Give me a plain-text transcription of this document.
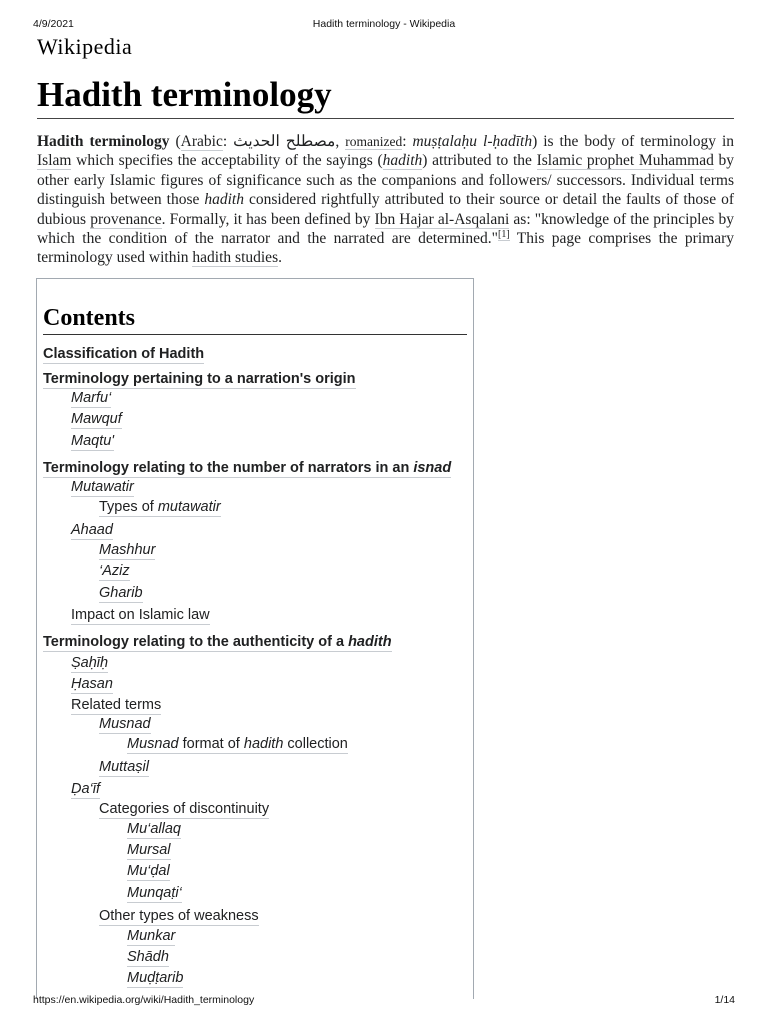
4/9/2021	Hadith terminology - Wikipedia
Wikipedia
Hadith terminology

Hadith terminology (Arabic: مصطلح الحديث, romanized: muṣṭalaḥu l-ḥadīth) is the body of terminology in Islam which specifies the acceptability of the sayings (hadith) attributed to the Islamic prophet Muhammad by other early Islamic figures of significance such as the companions and followers/ successors. Individual terms distinguish between those hadith considered rightfully attributed to their source or detail the faults of those of dubious provenance. Formally, it has been defined by Ibn Hajar al-Asqalani as: "knowledge of the principles by which the condition of the narrator and the narrated are determined."[1] This page comprises the primary terminology used within hadith studies.

Contents
Classification of Hadith
Terminology pertaining to a narration's origin
Marfu‘
Mawquf
Maqtu'
Terminology relating to the number of narrators in an isnad
Mutawatir
Types of mutawatir
Ahaad
Mashhur
‘Aziz
Gharib
Impact on Islamic law
Terminology relating to the authenticity of a hadith
Ṣaḥīḥ
Ḥasan
Related terms
Musnad
Musnad format of hadith collection
Muttaṣil
Ḍa‘īf
Categories of discontinuity
Mu‘allaq
Mursal
Mu‘ḍal
Munqaṭi‘
Other types of weakness
Munkar
Shādh
Muḍṭarib
https://en.wikipedia.org/wiki/Hadith_terminology	1/14
